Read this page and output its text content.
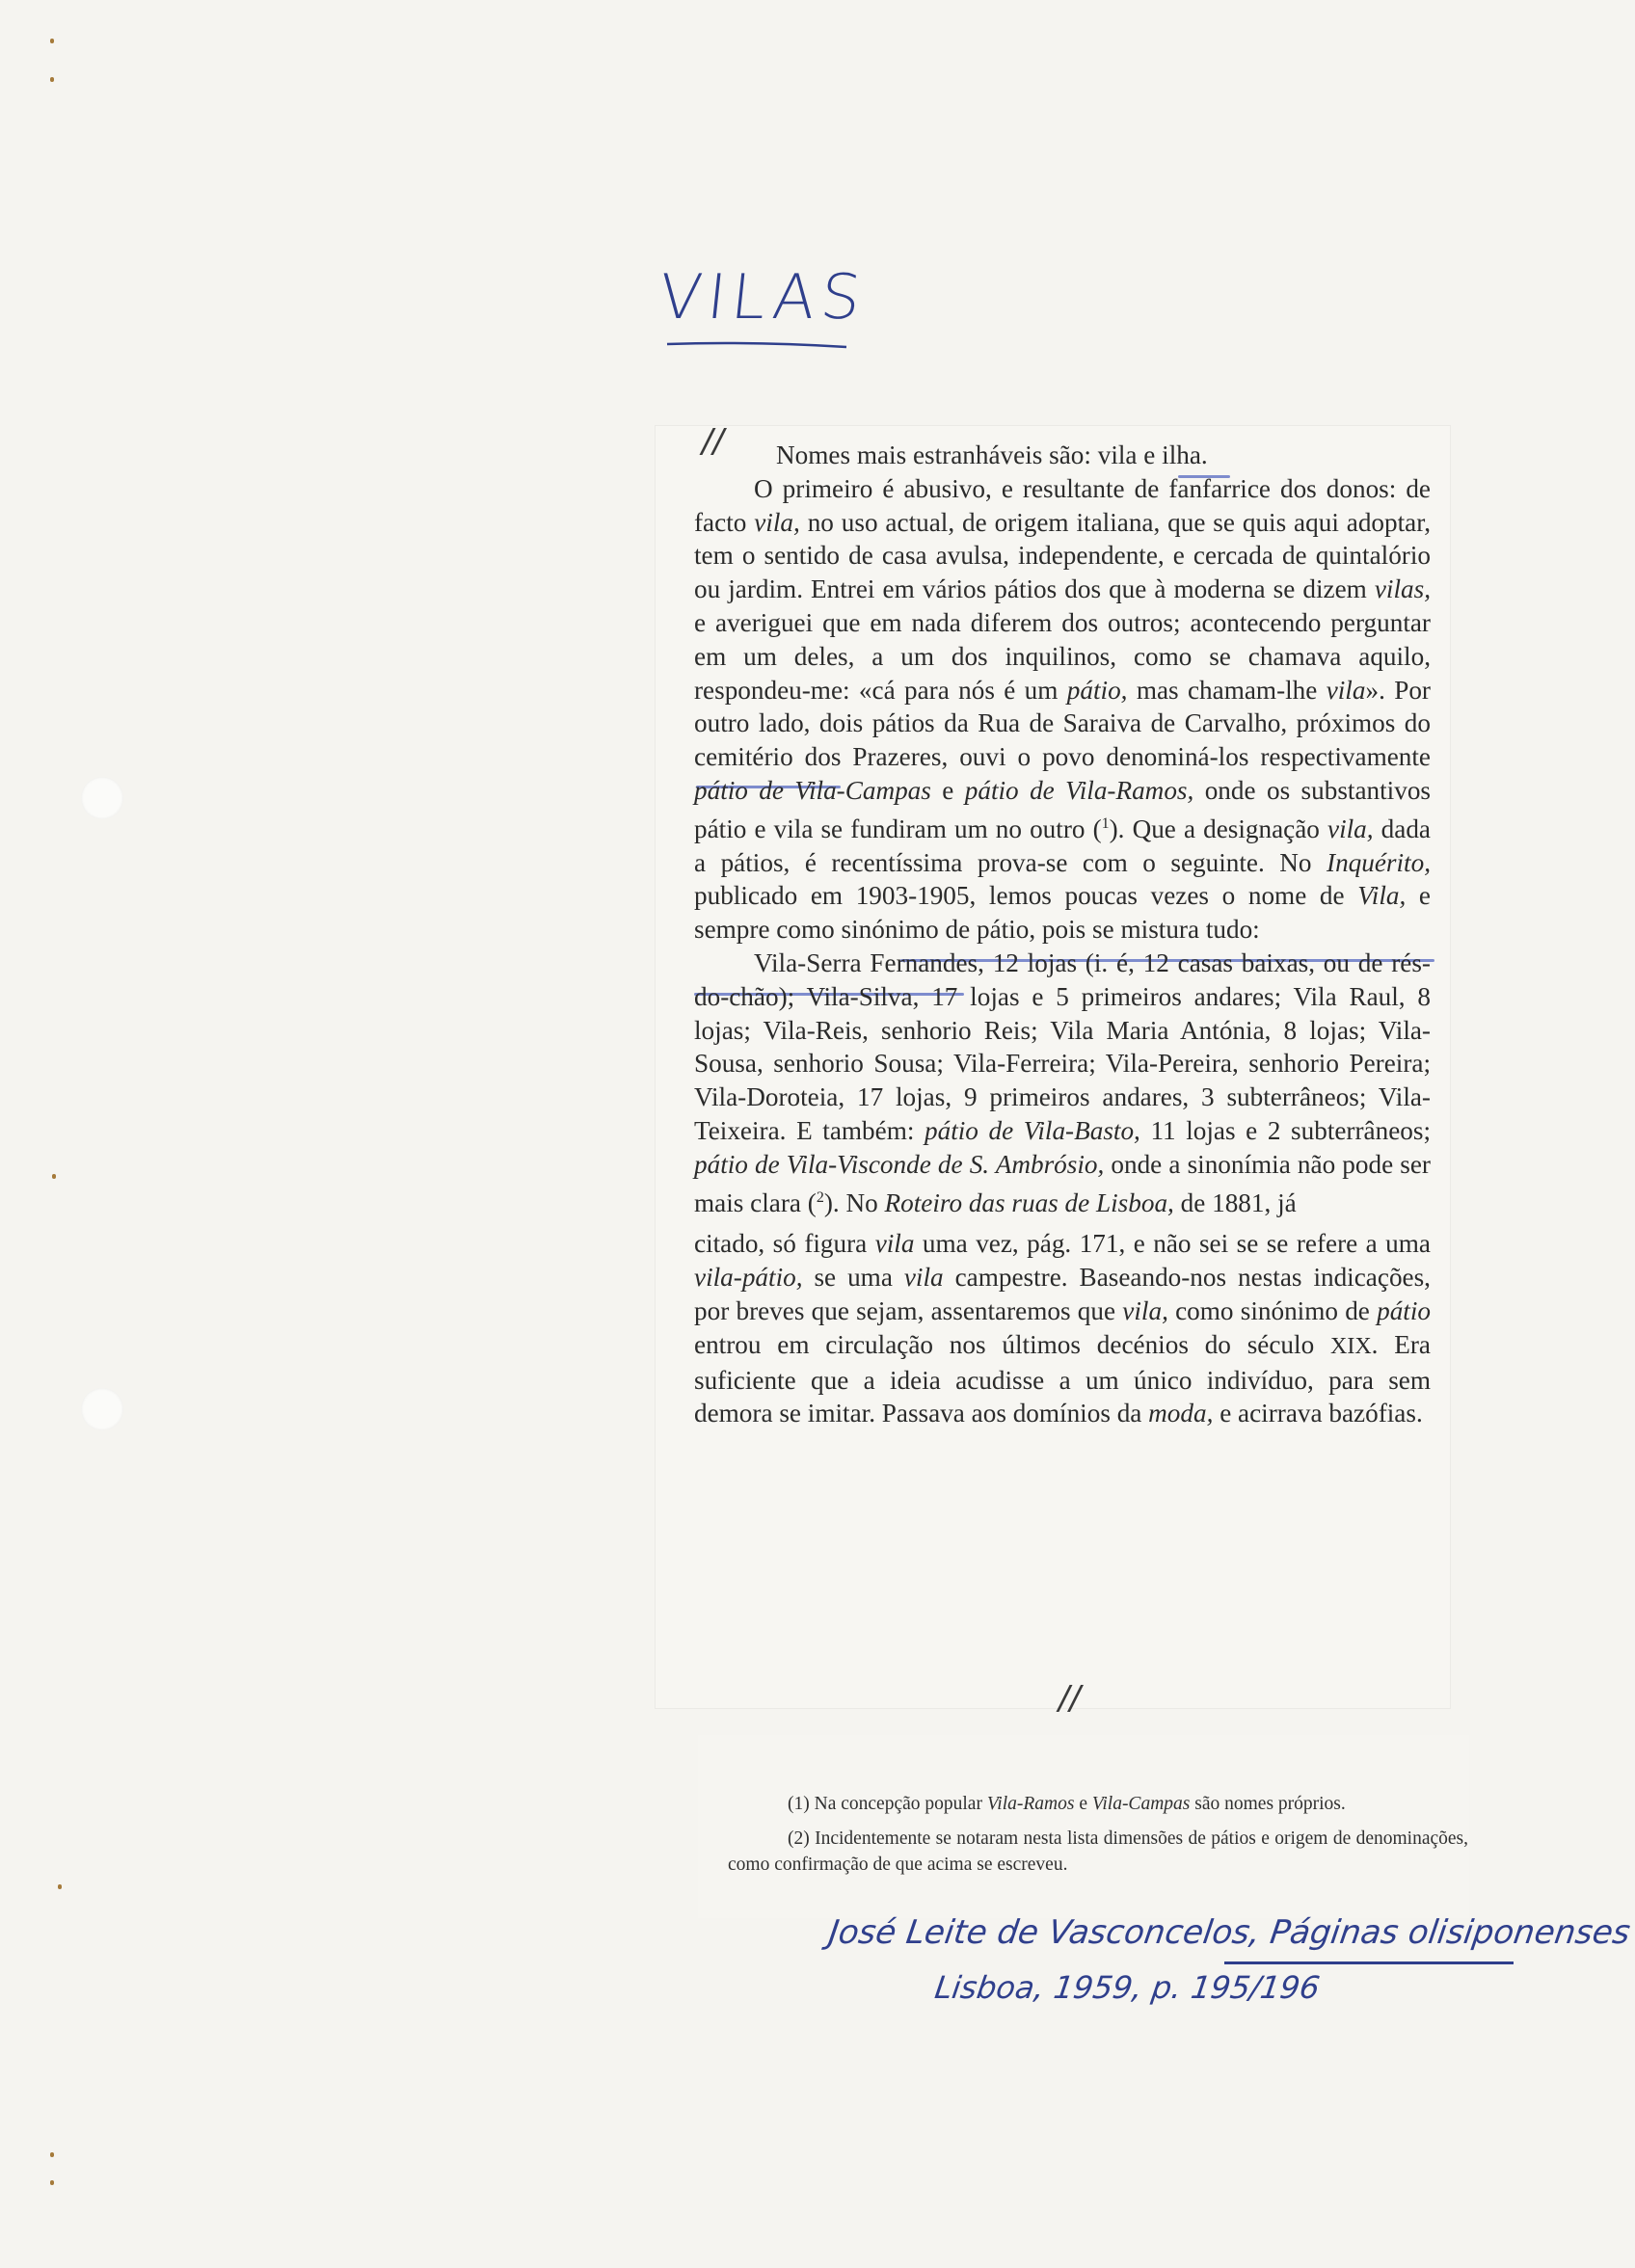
VILAS
//	Nomes mais estranháveis são: vila e ilha.

O primeiro é abusivo, e resultante de fanfarrice dos donos: de facto vila, no uso actual, de origem italiana, que se quis aqui adoptar, tem o sentido de casa avulsa, independente, e cercada de quintalório ou jardim. Entrei em vários pátios dos que à moderna se dizem vilas, e averiguei que em nada diferem dos outros; acontecendo perguntar em um deles, a um dos inquilinos, como se chamava aquilo, respondeu-me: «cá para nós é um pátio, mas chamam-lhe vila». Por outro lado, dois pátios da Rua de Saraiva de Carvalho, próximos do cemitério dos Prazeres, ouvi o povo denominá-los respectivamente pátio de Vila-Campas e pátio de Vila-Ramos, onde os substantivos pátio e vila se fundiram um no outro ($^1$). Que a designação vila, dada a pátios, é recentíssima prova-se com o seguinte. No Inquérito, publicado em 1903-1905, lemos poucas vezes o nome de Vila, e sempre como sinónimo de pátio, pois se mistura tudo:

Vila-Serra Fernandes, 12 lojas (i. é, 12 casas baixas, ou de rés-do-chão); Vila-Silva, 17 lojas e 5 primeiros andares; Vila Raul, 8 lojas; Vila-Reis, senhorio Reis; Vila Maria Antónia, 8 lojas; Vila-Sousa, senhorio Sousa; Vila-Ferreira; Vila-Pereira, senhorio Pereira; Vila-Doroteia, 17 lojas, 9 primeiros andares, 3 subterrâneos; Vila-Teixeira. E também: pátio de Vila-Basto, 11 lojas e 2 subterrâneos; pátio de Vila-Visconde de S. Ambrósio, onde a sinonímia não pode ser mais clara ($^2$). No Roteiro das ruas de Lisboa, de 1881, já

citado, só figura vila uma vez, pág. 171, e não sei se se refere a uma vila-pátio, se uma vila campestre. Baseando-nos nestas indicações, por breves que sejam, assentaremos que vila, como sinónimo de pátio entrou em circulação nos últimos decénios do século XIX. Era suficiente que a ideia acudisse a um único indivíduo, para sem demora se imitar. Passava aos domínios da moda, e acirrava bazófias.

//

(1) Na concepção popular Vila-Ramos e Vila-Campas são nomes próprios.

(2) Incidentemente se notaram nesta lista dimensões de pátios e origem de denominações, como confirmação de que acima se escreveu.

José Leite de Vasconcelos, Páginas olisiponenses
Lisboa, 1959, p. 195/196
